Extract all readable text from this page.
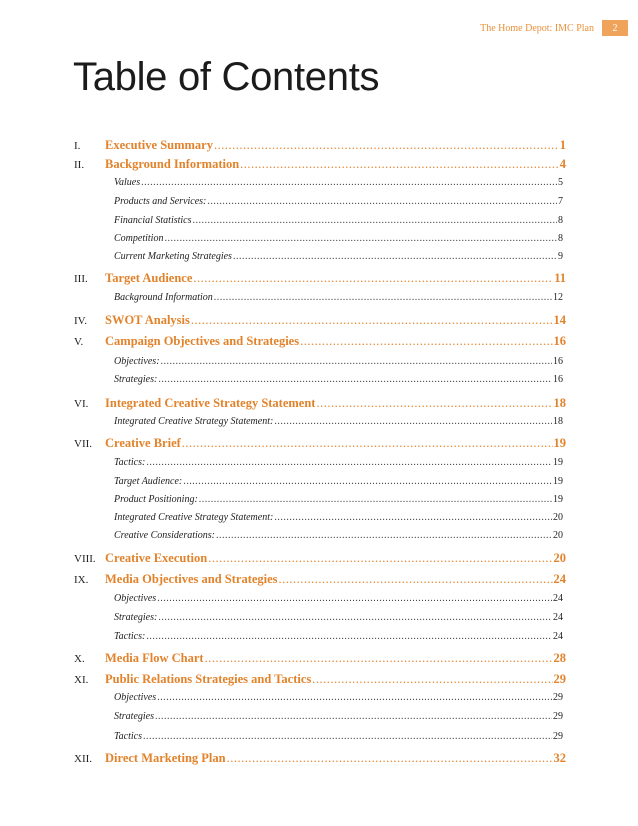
The Home Depot: IMC Plan	2
Table of Contents
I.	Executive Summary .....	1
II.	Background Information .....	4
Values .....	5
Products and Services: .....	7
Financial Statistics .....	8
Competition .....	8
Current Marketing Strategies .....	9
III.	Target Audience .....	11
Background Information .....	12
IV.	SWOT Analysis .....	14
V.	Campaign Objectives and Strategies .....	16
Objectives: .....	16
Strategies: .....	16
VI.	Integrated Creative Strategy Statement .....	18
Integrated Creative Strategy Statement: .....	18
VII.	Creative Brief .....	19
Tactics: .....	19
Target Audience: .....	19
Product Positioning: .....	19
Integrated Creative Strategy Statement: .....	20
Creative Considerations: .....	20
VIII. Creative Execution .....	20
IX.	Media Objectives and Strategies .....	24
Objectives .....	24
Strategies: .....	24
Tactics: .....	24
X.	Media Flow Chart .....	28
XI.	Public Relations Strategies and Tactics .....	29
Objectives .....	29
Strategies .....	29
Tactics .....	29
XII.	Direct Marketing Plan .....	32
